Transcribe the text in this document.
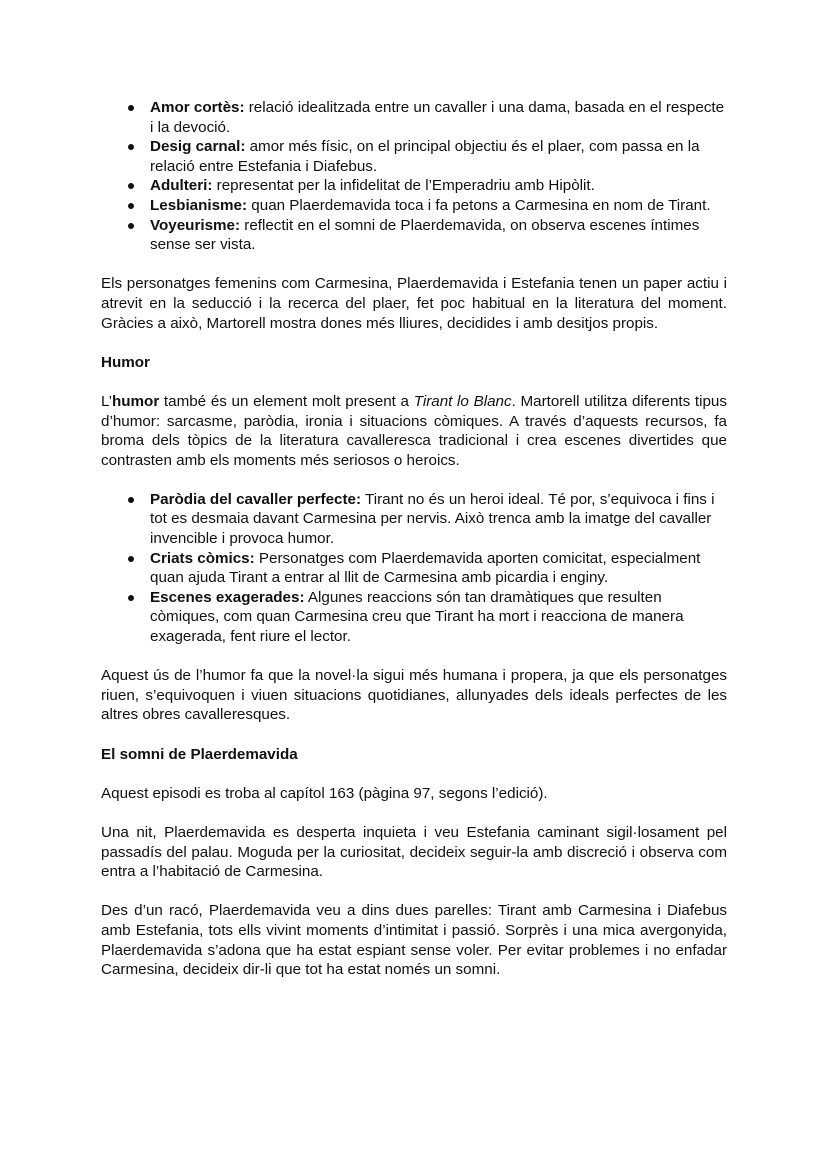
Amor cortès: relació idealitzada entre un cavaller i una dama, basada en el respecte i la devoció.
Desig carnal: amor més físic, on el principal objectiu és el plaer, com passa en la relació entre Estefania i Diafebus.
Adulteri: representat per la infidelitat de l’Emperadriu amb Hipòlit.
Lesbianisme: quan Plaerdemavida toca i fa petons a Carmesina en nom de Tirant.
Voyeurisme: reflectit en el somni de Plaerdemavida, on observa escenes íntimes sense ser vista.

Els personatges femenins com Carmesina, Plaerdemavida i Estefania tenen un paper actiu i atrevit en la seducció i la recerca del plaer, fet poc habitual en la literatura del moment. Gràcies a això, Martorell mostra dones més lliures, decidides i amb desitjos propis.

Humor

L’humor també és un element molt present a Tirant lo Blanc. Martorell utilitza diferents tipus d’humor: sarcasme, paròdia, ironia i situacions còmiques. A través d’aquests recursos, fa broma dels tòpics de la literatura cavalleresca tradicional i crea escenes divertides que contrasten amb els moments més seriosos o heroics.

Paròdia del cavaller perfecte: Tirant no és un heroi ideal. Té por, s’equivoca i fins i tot es desmaia davant Carmesina per nervis. Això trenca amb la imatge del cavaller invencible i provoca humor.
Criats còmics: Personatges com Plaerdemavida aporten comicitat, especialment quan ajuda Tirant a entrar al llit de Carmesina amb picardia i enginy.
Escenes exagerades: Algunes reaccions són tan dramàtiques que resulten còmiques, com quan Carmesina creu que Tirant ha mort i reacciona de manera exagerada, fent riure el lector.

Aquest ús de l’humor fa que la novel·la sigui més humana i propera, ja que els personatges riuen, s’equivoquen i viuen situacions quotidianes, allunyades dels ideals perfectes de les altres obres cavalleresques.

El somni de Plaerdemavida

Aquest episodi es troba al capítol 163 (pàgina 97, segons l’edició).

Una nit, Plaerdemavida es desperta inquieta i veu Estefania caminant sigil·losament pel passadís del palau. Moguda per la curiositat, decideix seguir-la amb discreció i observa com entra a l’habitació de Carmesina.

Des d’un racó, Plaerdemavida veu a dins dues parelles: Tirant amb Carmesina i Diafebus amb Estefania, tots ells vivint moments d’intimitat i passió. Sorprès i una mica avergonyida, Plaerdemavida s’adona que ha estat espiant sense voler. Per evitar problemes i no enfadar Carmesina, decideix dir-li que tot ha estat només un somni.
